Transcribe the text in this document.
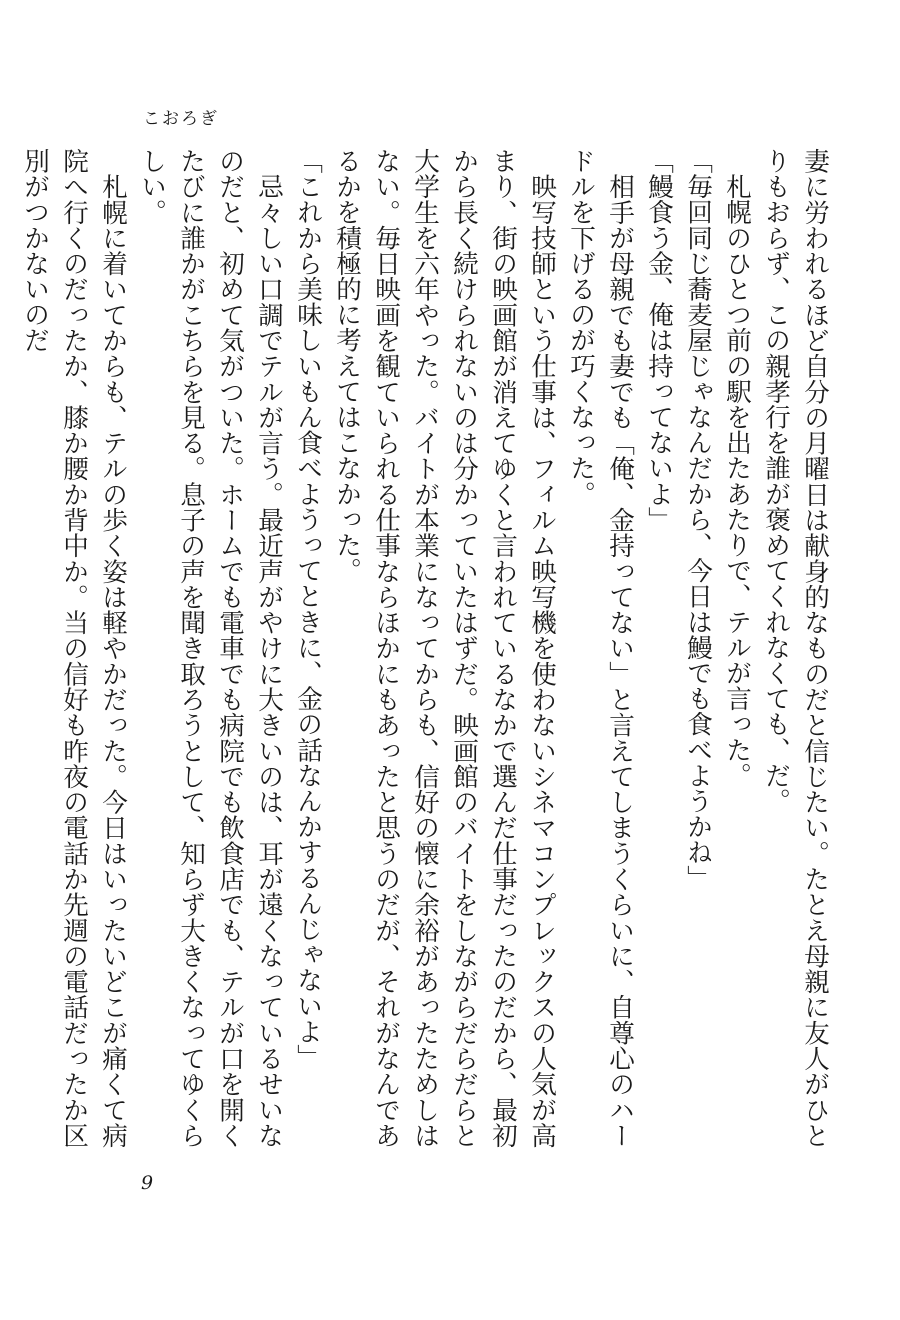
こおろぎ

妻に労われるほど自分の月曜日は献身的なものだと信じたい。たとえ母親に友人がひとりもおらず、この親孝行を誰が褒めてくれなくても、だ。

　札幌のひとつ前の駅を出たあたりで、テルが言った。

「毎回同じ蕎麦屋じゃなんだから、今日は鰻でも食べようかね」

「鰻食う金、俺は持ってないよ」

　相手が母親でも妻でも「俺、金持ってない」と言えてしまうくらいに、自尊心のハードルを下げるのが巧くなった。

　映写技師という仕事は、フィルム映写機を使わないシネマコンプレックスの人気が高まり、街の映画館が消えてゆくと言われているなかで選んだ仕事だったのだから、最初から長く続けられないのは分かっていたはずだ。映画館のバイトをしながらだらだらと大学生を六年やった。バイトが本業になってからも、信好の懐に余裕があったためしはない。毎日映画を観ていられる仕事ならほかにもあったと思うのだが、それがなんであるかを積極的に考えてはこなかった。

「これから美味しいもん食べようってときに、金の話なんかするんじゃないよ」

　忌々しい口調でテルが言う。最近声がやけに大きいのは、耳が遠くなっているせいなのだと、初めて気がついた。ホームでも電車でも病院でも飲食店でも、テルが口を開くたびに誰かがこちらを見る。息子の声を聞き取ろうとして、知らず大きくなってゆくらしい。

　札幌に着いてからも、テルの歩く姿は軽やかだった。今日はいったいどこが痛くて病院へ行くのだったか、膝か腰か背中か。当の信好も昨夜の電話か先週の電話だったか区別がつかないのだ

9
